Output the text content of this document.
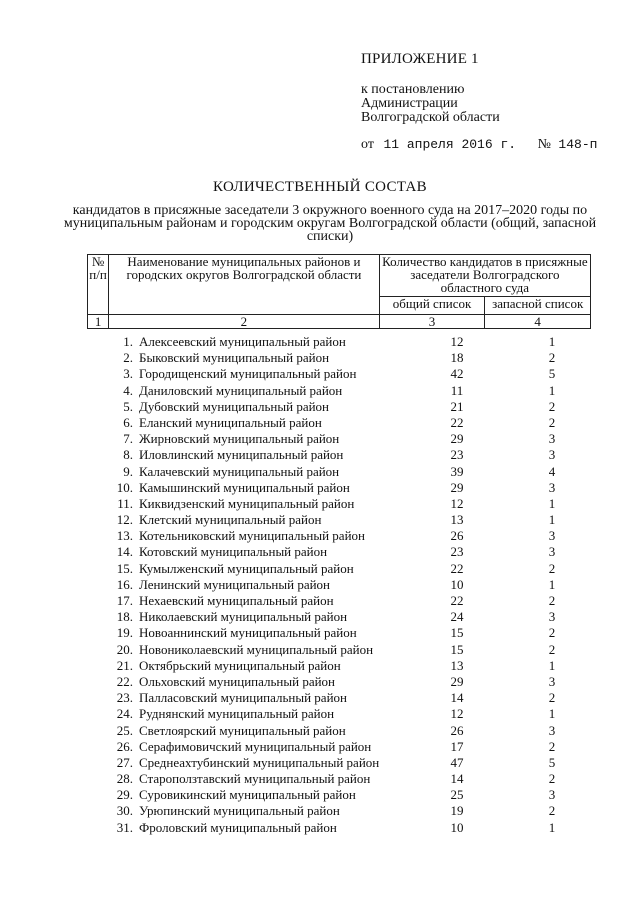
ПРИЛОЖЕНИЕ 1
к постановлению
Администрации
Волгоградской области
от 11 апреля 2016 г. № 148-п
КОЛИЧЕСТВЕННЫЙ СОСТАВ
кандидатов в присяжные заседатели 3 окружного военного суда на 2017–2020 годы по муниципальным районам и городским округам Волгоградской области (общий, запасной списки)
№ п/п	Наименование муниципальных районов и городских округов Волгоградской области	Количество кандидатов в присяжные заседатели Волгоградского областного суда	
		общий список	запасной список
1	2	3	4
1. Алексеевский муниципальный район	12	1
2. Быковский муниципальный район	18	2
3. Городищенский муниципальный район	42	5
4. Даниловский муниципальный район	11	1
5. Дубовский муниципальный район	21	2
6. Еланский муниципальный район	22	2
7. Жирновский муниципальный район	29	3
8. Иловлинский муниципальный район	23	3
9. Калачевский муниципальный район	39	4
10. Камышинский муниципальный район	29	3
11. Киквидзенский муниципальный район	12	1
12. Клетский муниципальный район	13	1
13. Котельниковский муниципальный район	26	3
14. Котовский муниципальный район	23	3
15. Кумылженский муниципальный район	22	2
16. Ленинский муниципальный район	10	1
17. Нехаевский муниципальный район	22	2
18. Николаевский муниципальный район	24	3
19. Новоаннинский муниципальный район	15	2
20. Новониколаевский муниципальный район	15	2
21. Октябрьский муниципальный район	13	1
22. Ольховский муниципальный район	29	3
23. Палласовский муниципальный район	14	2
24. Руднянский муниципальный район	12	1
25. Светлоярский муниципальный район	26	3
26. Серафимовичский муниципальный район	17	2
27. Среднеахтубинский муниципальный район	47	5
28. Староползтавский муниципальный район	14	2
29. Суровикинский муниципальный район	25	3
30. Урюпинский муниципальный район	19	2
31. Фроловский муниципальный район	10	1
